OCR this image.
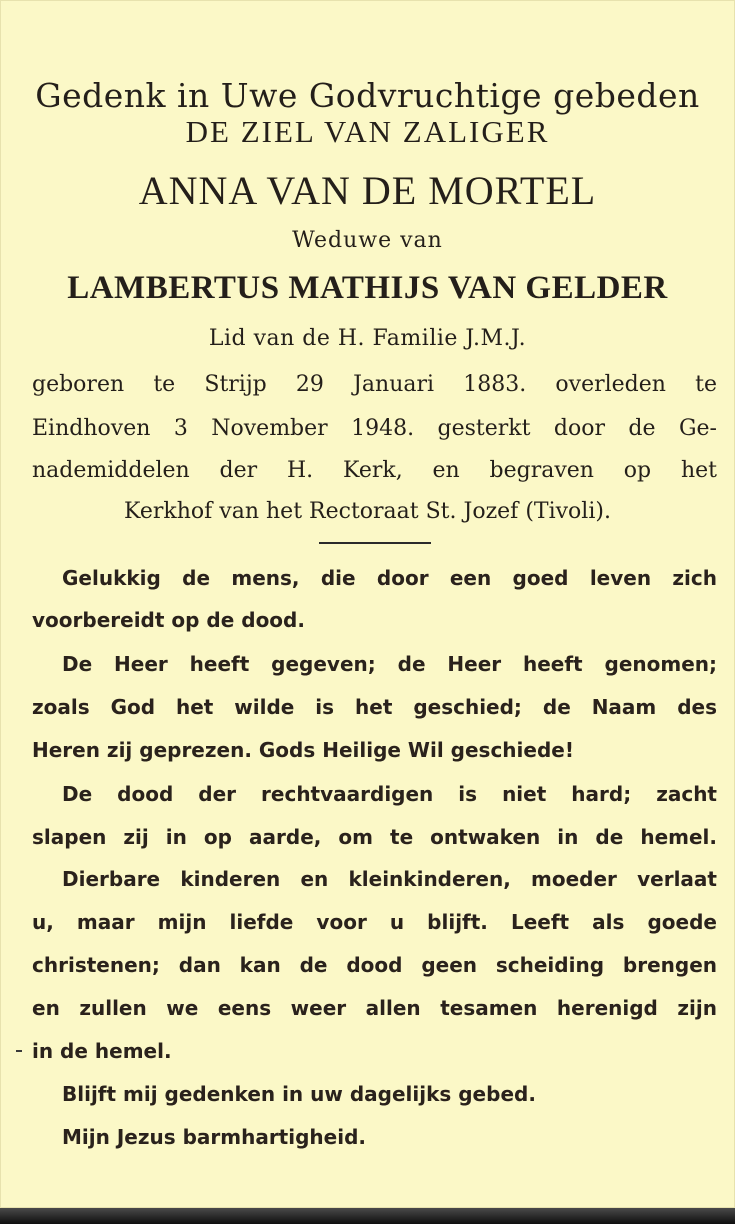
Gedenk in Uwe Godvruchtige gebeden
DE ZIEL VAN ZALIGER
ANNA VAN DE MORTEL
Weduwe van
LAMBERTUS MATHIJS VAN GELDER
Lid van de H. Familie J.M.J.
geboren te Strijp 29 Januari 1883. overleden te
Eindhoven 3 November 1948. gesterkt door de Ge-
nademiddelen der H. Kerk, en begraven op het
Kerkhof van het Rectoraat St. Jozef (Tivoli).
Gelukkig de mens, die door een goed leven zich
voorbereidt op de dood.
De Heer heeft gegeven; de Heer heeft genomen;
zoals God het wilde is het geschied; de Naam des
Heren zij geprezen. Gods Heilige Wil geschiede!
De dood der rechtvaardigen is niet hard; zacht
slapen zij in op aarde, om te ontwaken in de hemel.
Dierbare kinderen en kleinkinderen, moeder verlaat
u, maar mijn liefde voor u blijft. Leeft als goede
christenen; dan kan de dood geen scheiding brengen
en zullen we eens weer allen tesamen herenigd zijn
in de hemel.
Blijft mij gedenken in uw dagelijks gebed.
Mijn Jezus barmhartigheid.
